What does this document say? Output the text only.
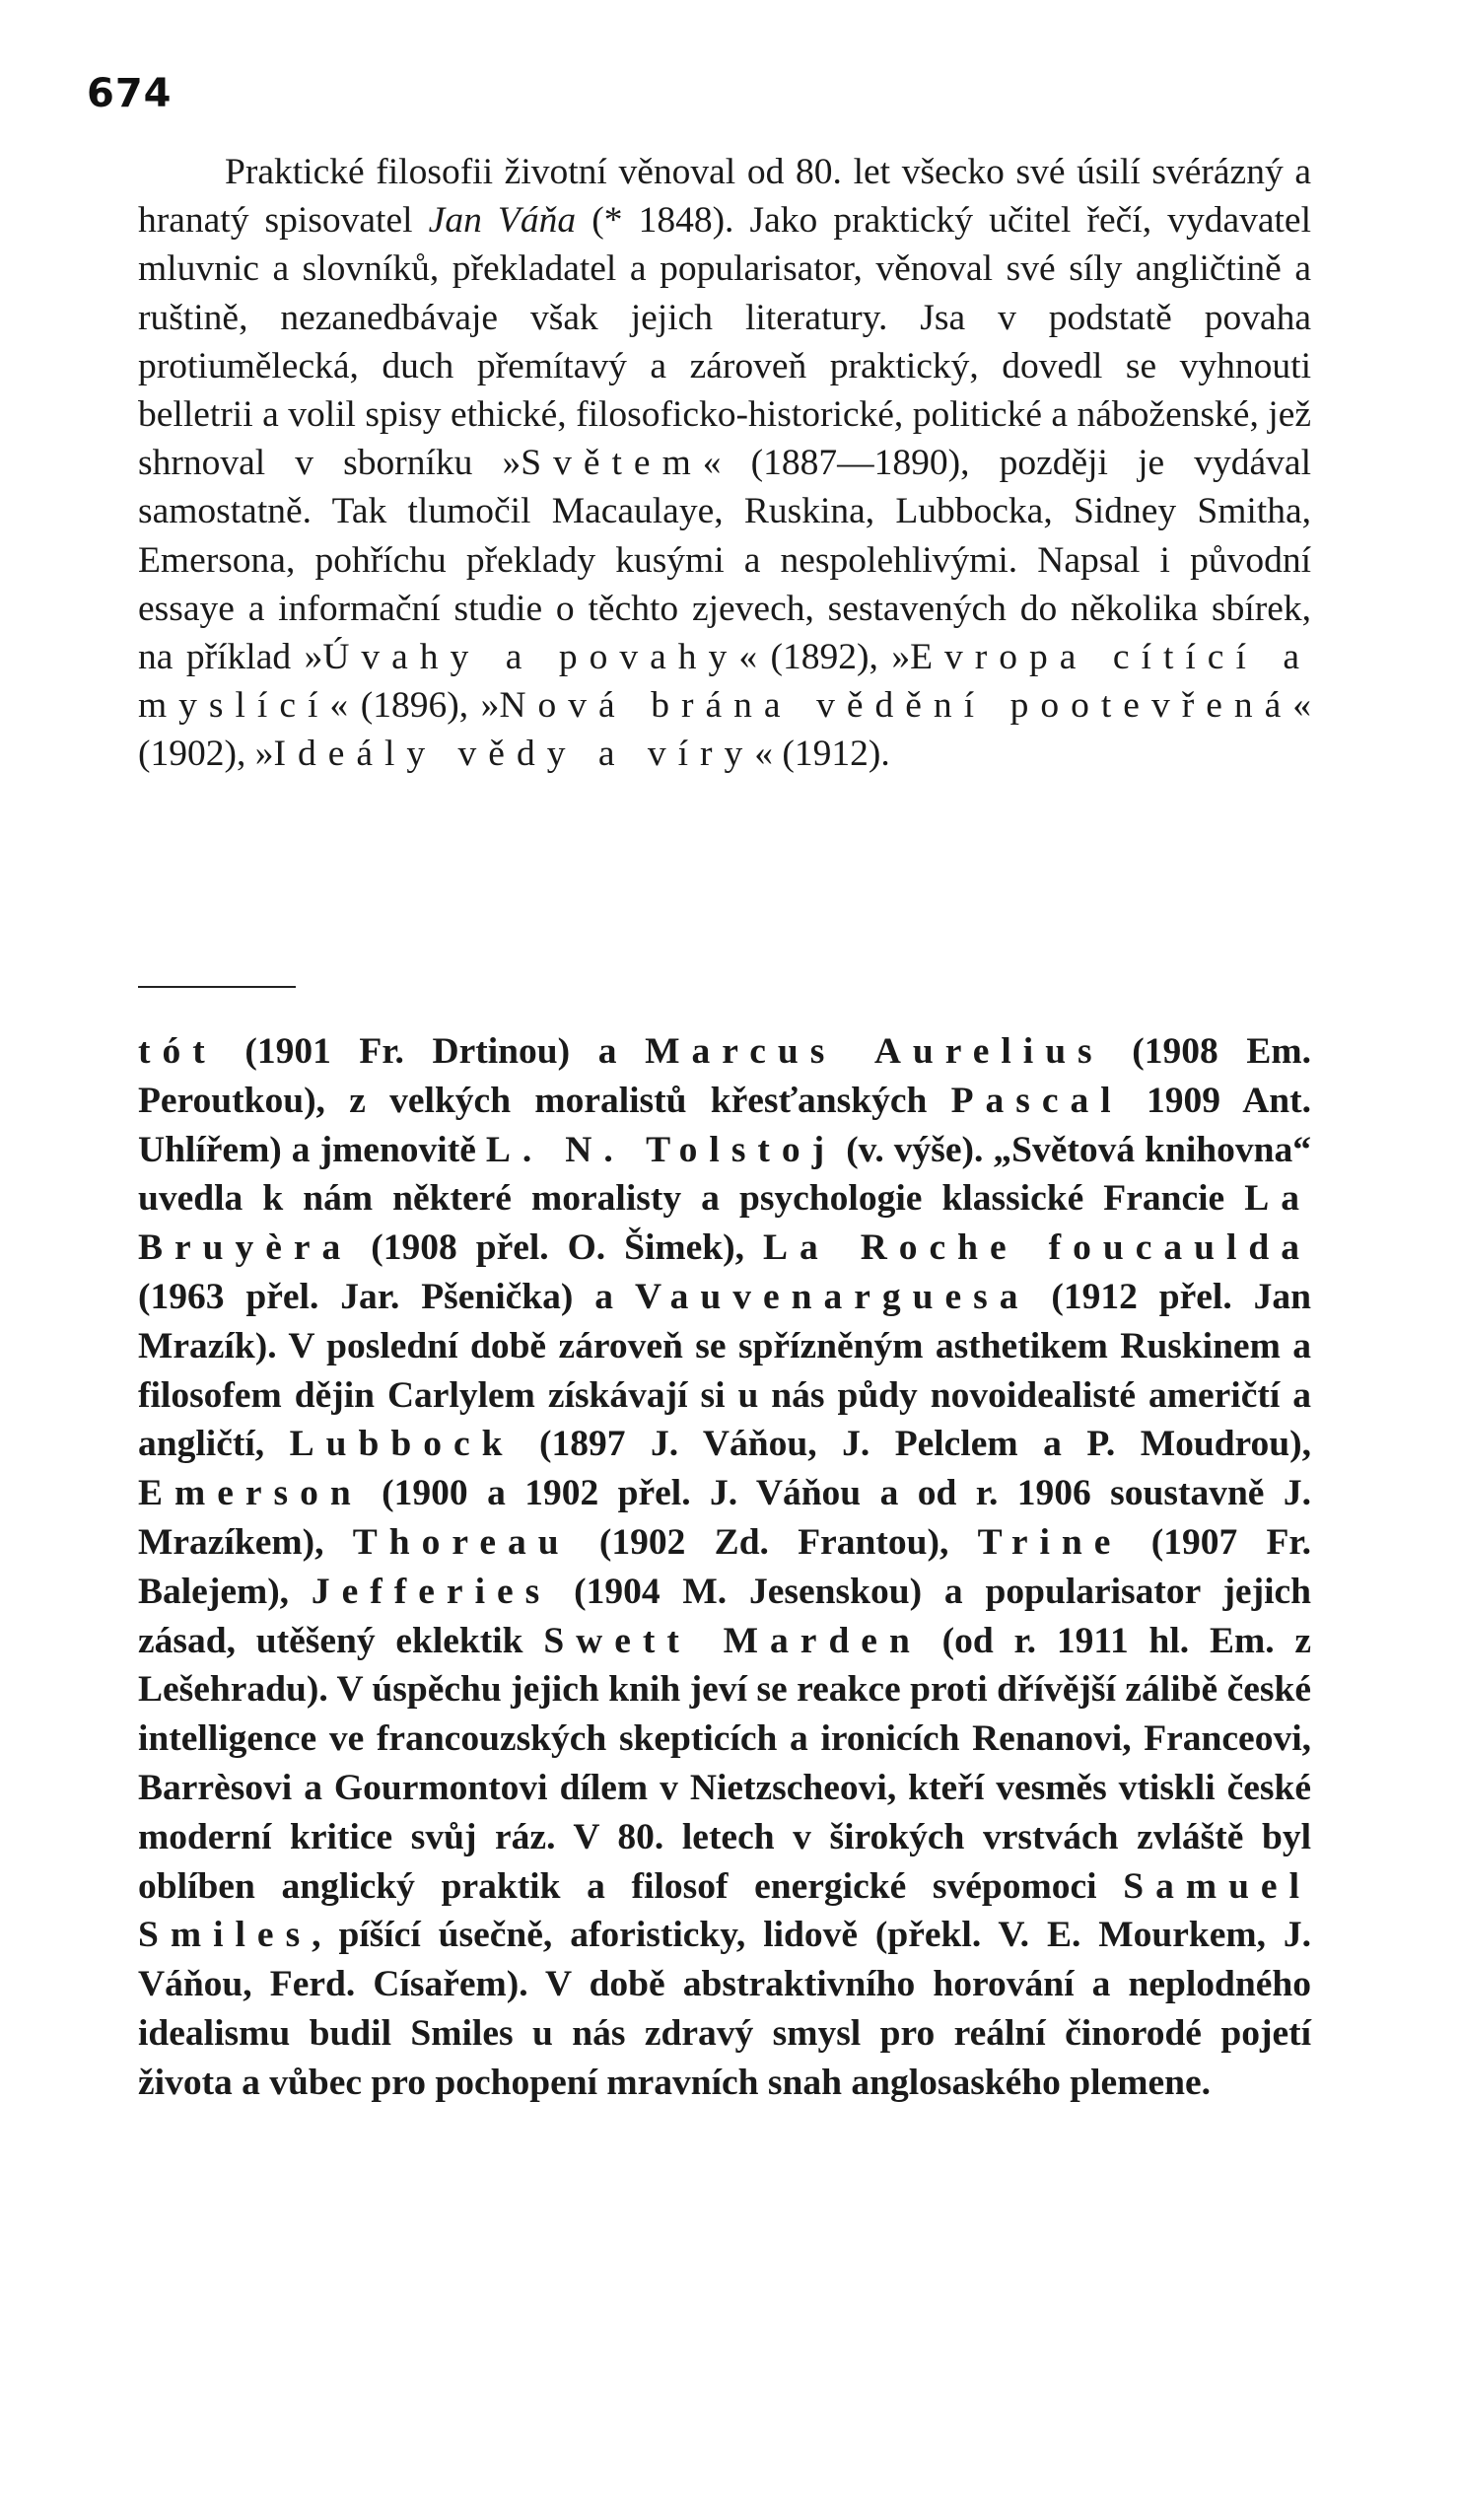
674

Praktické filosofii životní věnoval od 80. let všecko své úsilí svérázný a hranatý spisovatel Jan Váňa (* 1848). Jako praktický učitel řečí, vydavatel mluvnic a slovníků, překladatel a popularisator, věnoval své síly angličtině a ruštině, nezanedbávaje však jejich literatury. Jsa v podstatě povaha protiumělecká, duch přemítavý a zároveň praktický, dovedl se vyhnouti belletrii a volil spisy ethické, filosoficko-historické, politické a náboženské, jež shrnoval v sborníku »Světem« (1887—1890), později je vydával samostatně. Tak tlumočil Macaulaye, Ruskina, Lubbocka, Sidney Smitha, Emersona, pohříchu překlady kusými a nespolehlivými. Napsal i původní essaye a informační studie o těchto zjevech, sestavených do několika sbírek, na příklad »Úvahy a povahy« (1892), »Evropa cítící a myslící« (1896), »Nová brána vědění pootevřená« (1902), »Ideály vědy a víry« (1912).

tót (1901 Fr. Drtinou) a Marcus Aurelius (1908 Em. Peroutkou), z velkých moralistů křesťanských Pascal 1909 Ant. Uhlířem) a jmenovitě L. N. Tolstoj (v. výše). „Světová knihovna“ uvedla k nám některé moralisty a psychologie klassické Francie La Bruyèra (1908 přel. O. Šimek), La Roche foucaulda (1963 přel. Jar. Pšenička) a Vauvenarguesa (1912 přel. Jan Mrazík). V poslední době zároveň se spřízněným asthetikem Ruskinem a filosofem dějin Carlylem získávají si u nás půdy novoidealisté američtí a angličtí, Lubbock (1897 J. Váňou, J. Pelclem a P. Moudrou), Emerson (1900 a 1902 přel. J. Váňou a od r. 1906 soustavně J. Mrazíkem), Thoreau (1902 Zd. Frantou), Trine (1907 Fr. Balejem), Jefferies (1904 M. Jesenskou) a popularisator jejich zásad, utěšený eklektik Swett Marden (od r. 1911 hl. Em. z Lešehradu). V úspěchu jejich knih jeví se reakce proti dřívější zálibě české intelligence ve francouzských skepticích a ironicích Renanovi, Franceovi, Barrèsovi a Gourmontovi dílem v Nietzscheovi, kteří vesměs vtiskli české moderní kritice svůj ráz. V 80. letech v širokých vrstvách zvláště byl oblíben anglický praktik a filosof energické svépomoci Samuel Smiles, píšící úsečně, aforisticky, lidově (překl. V. E. Mourkem, J. Váňou, Ferd. Císařem). V době abstraktivního horování a neplodného idealismu budil Smiles u nás zdravý smysl pro reální činorodé pojetí života a vůbec pro pochopení mravních snah anglosaského plemene.
